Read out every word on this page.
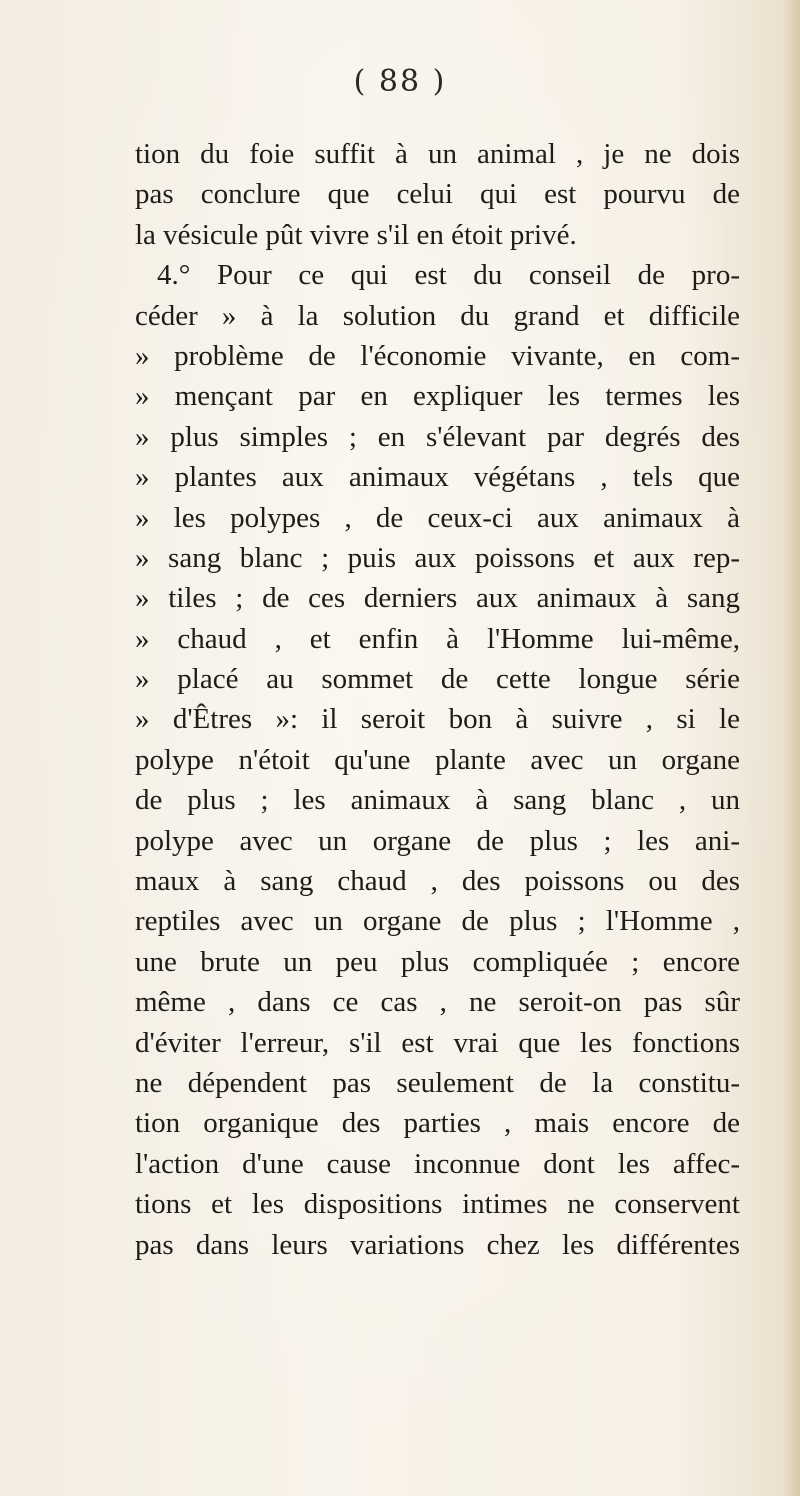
( 88 )
tion du foie suffit à un animal , je ne dois
pas conclure que celui qui est pourvu de
la vésicule pût vivre s'il en étoit privé.
4.° Pour ce qui est du conseil de pro-
céder » à la solution du grand et difficile
» problème de l'économie vivante, en com-
» mençant par en expliquer les termes les
» plus simples ; en s'élevant par degrés des
» plantes aux animaux végétans , tels que
» les polypes , de ceux-ci aux animaux à
» sang blanc ; puis aux poissons et aux rep-
» tiles ; de ces derniers aux animaux à sang
» chaud , et enfin à l'Homme lui-même,
» placé au sommet de cette longue série
» d'Êtres »: il seroit bon à suivre , si le
polype n'étoit qu'une plante avec un organe
de plus ; les animaux à sang blanc , un
polype avec un organe de plus ; les ani-
maux à sang chaud , des poissons ou des
reptiles avec un organe de plus ; l'Homme ,
une brute un peu plus compliquée ; encore
même , dans ce cas , ne seroit-on pas sûr
d'éviter l'erreur, s'il est vrai que les fonctions
ne dépendent pas seulement de la constitu-
tion organique des parties , mais encore de
l'action d'une cause inconnue dont les affec-
tions et les dispositions intimes ne conservent
pas dans leurs variations chez les différentes
